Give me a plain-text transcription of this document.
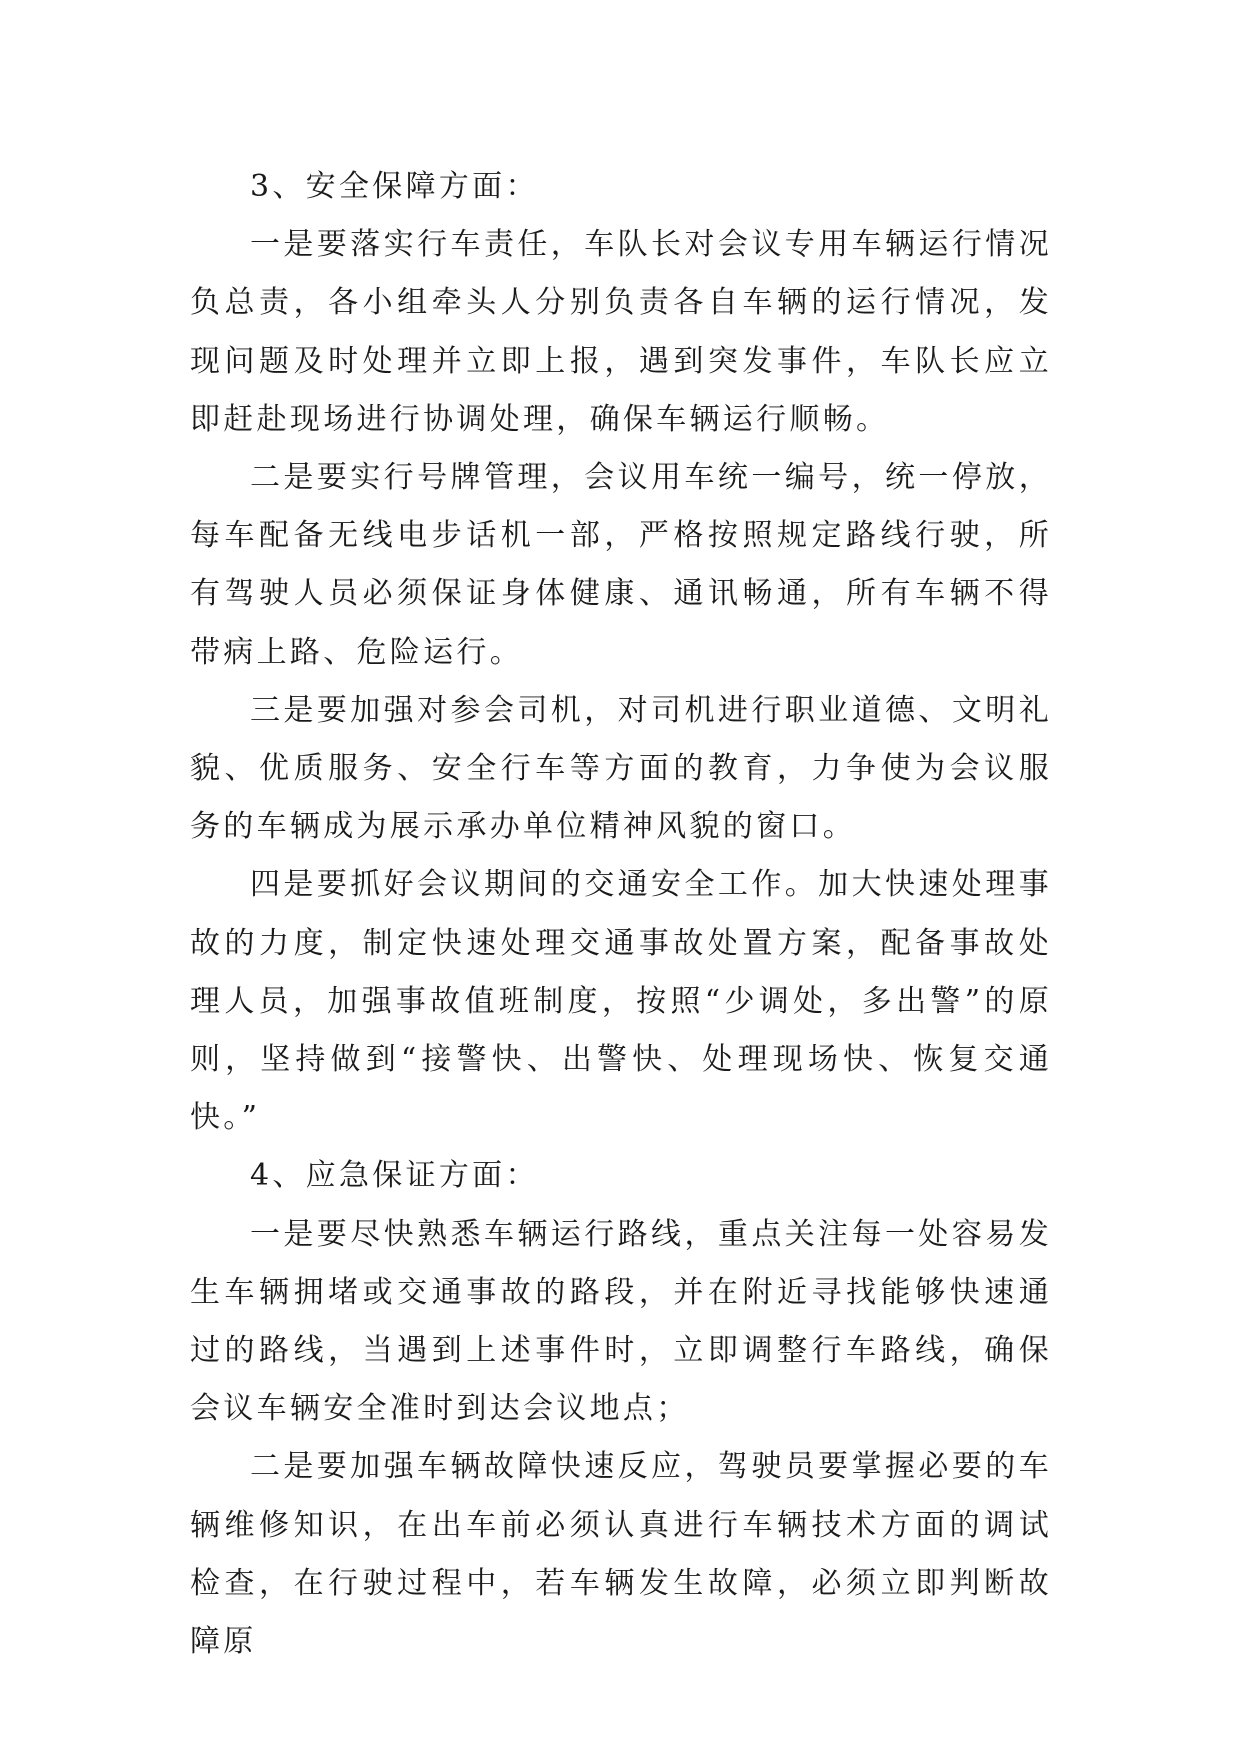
3、安全保障方面：

一是要落实行车责任，车队长对会议专用车辆运行情况负总责，各小组牵头人分别负责各自车辆的运行情况，发现问题及时处理并立即上报，遇到突发事件，车队长应立即赶赴现场进行协调处理，确保车辆运行顺畅。

二是要实行号牌管理，会议用车统一编号，统一停放，每车配备无线电步话机一部，严格按照规定路线行驶，所有驾驶人员必须保证身体健康、通讯畅通，所有车辆不得带病上路、危险运行。

三是要加强对参会司机，对司机进行职业道德、文明礼貌、优质服务、安全行车等方面的教育，力争使为会议服务的车辆成为展示承办单位精神风貌的窗口。

四是要抓好会议期间的交通安全工作。加大快速处理事故的力度，制定快速处理交通事故处置方案，配备事故处理人员，加强事故值班制度，按照“少调处，多出警”的原则，坚持做到“接警快、出警快、处理现场快、恢复交通快。”

4、应急保证方面：

一是要尽快熟悉车辆运行路线，重点关注每一处容易发生车辆拥堵或交通事故的路段，并在附近寻找能够快速通过的路线，当遇到上述事件时，立即调整行车路线，确保会议车辆安全准时到达会议地点；

二是要加强车辆故障快速反应，驾驶员要掌握必要的车辆维修知识，在出车前必须认真进行车辆技术方面的调试检查，在行驶过程中，若车辆发生故障，必须立即判断故障原
